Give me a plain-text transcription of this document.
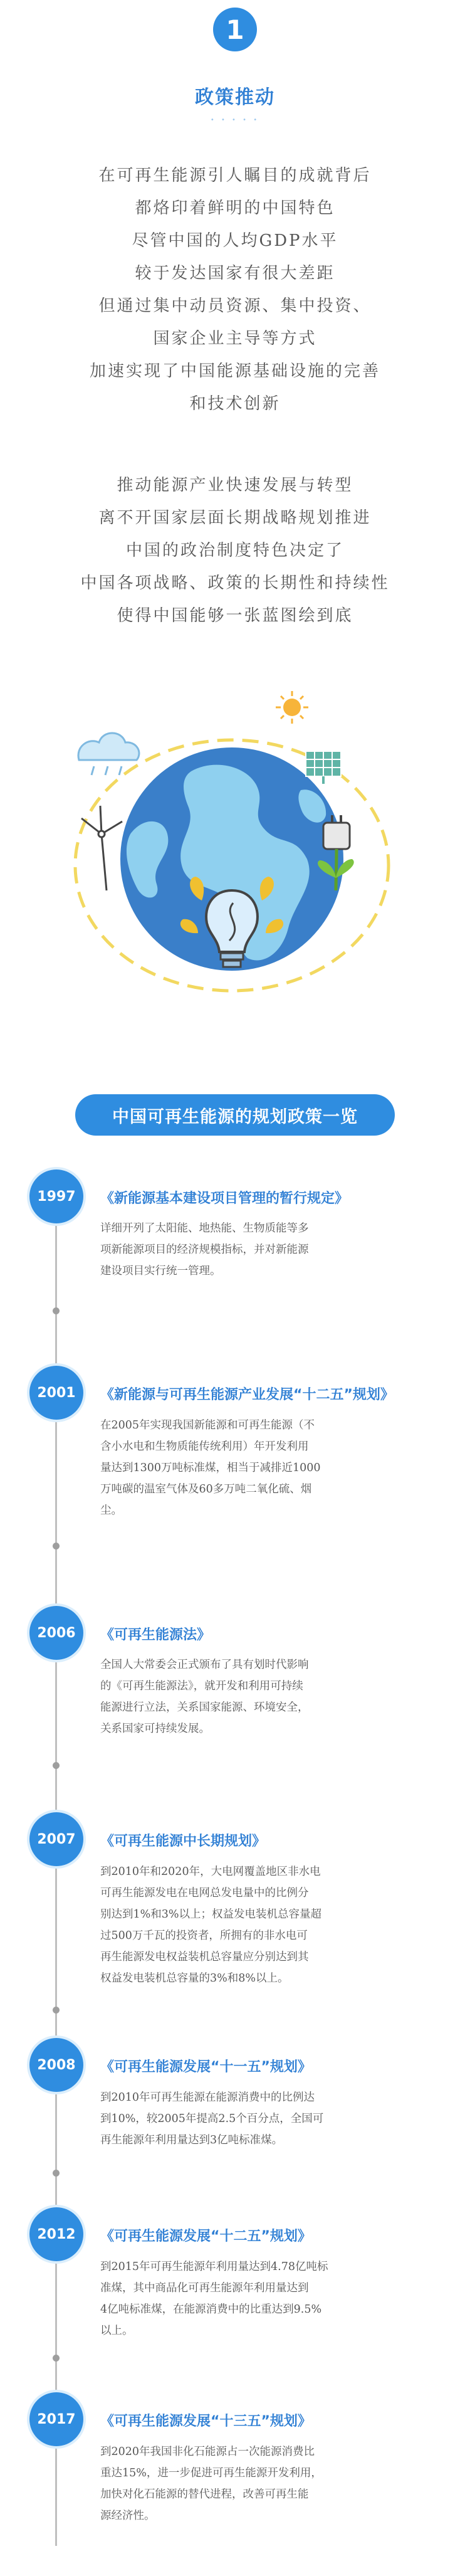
1
政策推动
• • • • •
在可再生能源引人瞩目的成就背后
都烙印着鲜明的中国特色
尽管中国的人均GDP水平
较于发达国家有很大差距
但通过集中动员资源、集中投资、
国家企业主导等方式
加速实现了中国能源基础设施的完善
和技术创新
推动能源产业快速发展与转型
离不开国家层面长期战略规划推进
中国的政治制度特色决定了
中国各项战略、政策的长期性和持续性
使得中国能够一张蓝图绘到底
中国可再生能源的规划政策一览
1997	《新能源基本建设项目管理的暂行规定》
详细开列了太阳能、地热能、生物质能等多
项新能源项目的经济规模指标，并对新能源
建设项目实行统一管理。
2001	《新能源与可再生能源产业发展“十二五”规划》
在2005年实现我国新能源和可再生能源（不
含小水电和生物质能传统利用）年开发利用
量达到1300万吨标准煤，相当于减排近1000
万吨碳的温室气体及60多万吨二氧化硫、烟
尘。
2006	《可再生能源法》
全国人大常委会正式颁布了具有划时代影响
的《可再生能源法》，就开发和利用可持续
能源进行立法，关系国家能源、环境安全，
关系国家可持续发展。
2007	《可再生能源中长期规划》
到2010年和2020年，大电网覆盖地区非水电
可再生能源发电在电网总发电量中的比例分
别达到1%和3%以上；权益发电装机总容量超
过500万千瓦的投资者，所拥有的非水电可
再生能源发电权益装机总容量应分别达到其
权益发电装机总容量的3%和8%以上。
2008	《可再生能源发展“十一五”规划》
到2010年可再生能源在能源消费中的比例达
到10%，较2005年提高2.5个百分点，全国可
再生能源年利用量达到3亿吨标准煤。
2012	《可再生能源发展“十二五”规划》
到2015年可再生能源年利用量达到4.78亿吨标
准煤，其中商品化可再生能源年利用量达到
4亿吨标准煤，在能源消费中的比重达到9.5%
以上。
2017	《可再生能源发展“十三五”规划》
到2020年我国非化石能源占一次能源消费比
重达15%，进一步促进可再生能源开发利用，
加快对化石能源的替代进程，改善可再生能
源经济性。
